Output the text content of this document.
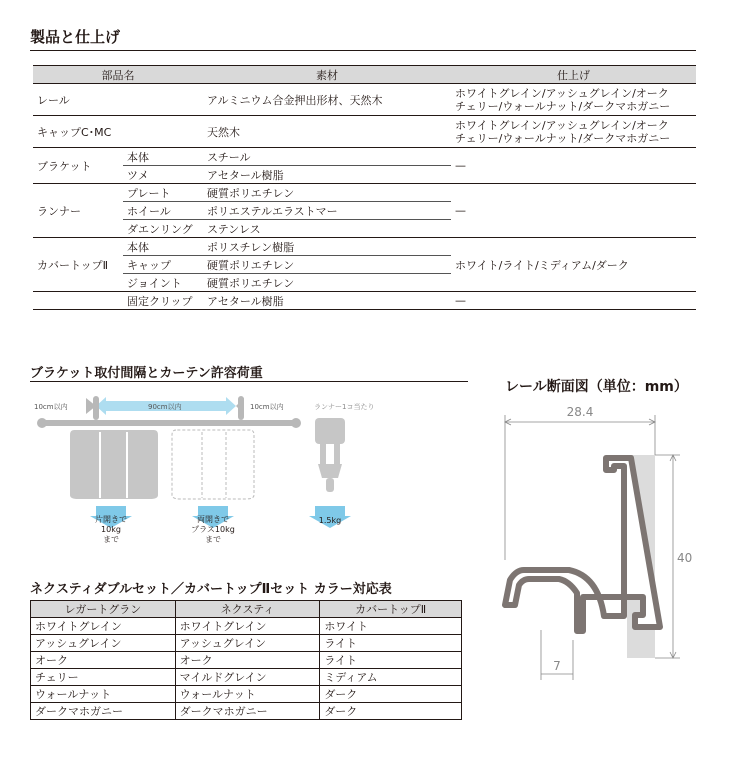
製品と仕上げ
部品名		素材	仕上げ
レール		アルミニウム合金押出形材、天然木	ホワイトグレイン/アッシュグレイン/オーク
チェリー/ウォールナット/ダークマホガニー

キャップC･MC		天然木	ホワイトグレイン/アッシュグレイン/オーク
チェリー/ウォールナット/ダークマホガニー

ブラケット	本体	スチール	—
	ツメ	アセタール樹脂	
ランナー	プレート	硬質ポリエチレン	—
	ホイール	ポリエステルエラストマー	
	ダエンリング	ステンレス	
カバートップⅡ	本体	ポリスチレン樹脂	ホワイト/ライト/ミディアム/ダーク
	キャップ	硬質ポリエチレン	
	ジョイント	硬質ポリエチレン	
	固定クリップ	アセタール樹脂	—
ブラケット取付間隔とカーテン許容荷重
10cm以内	90cm以内	10cm以内	ランナー1コ当たり
片開きで
10kg
まで
両開きで
プラス10kg
まで
1.5kg
レール断面図（単位：mm）
28.4
40
7
ネクスティダブルセット／カバートップⅡセット カラー対応表
レガートグラン	ネクスティ	カバートップⅡ
ホワイトグレイン	ホワイトグレイン	ホワイト
アッシュグレイン	アッシュグレイン	ライト
オーク	オーク	ライト
チェリー	マイルドグレイン	ミディアム
ウォールナット	ウォールナット	ダーク
ダークマホガニー	ダークマホガニー	ダーク
